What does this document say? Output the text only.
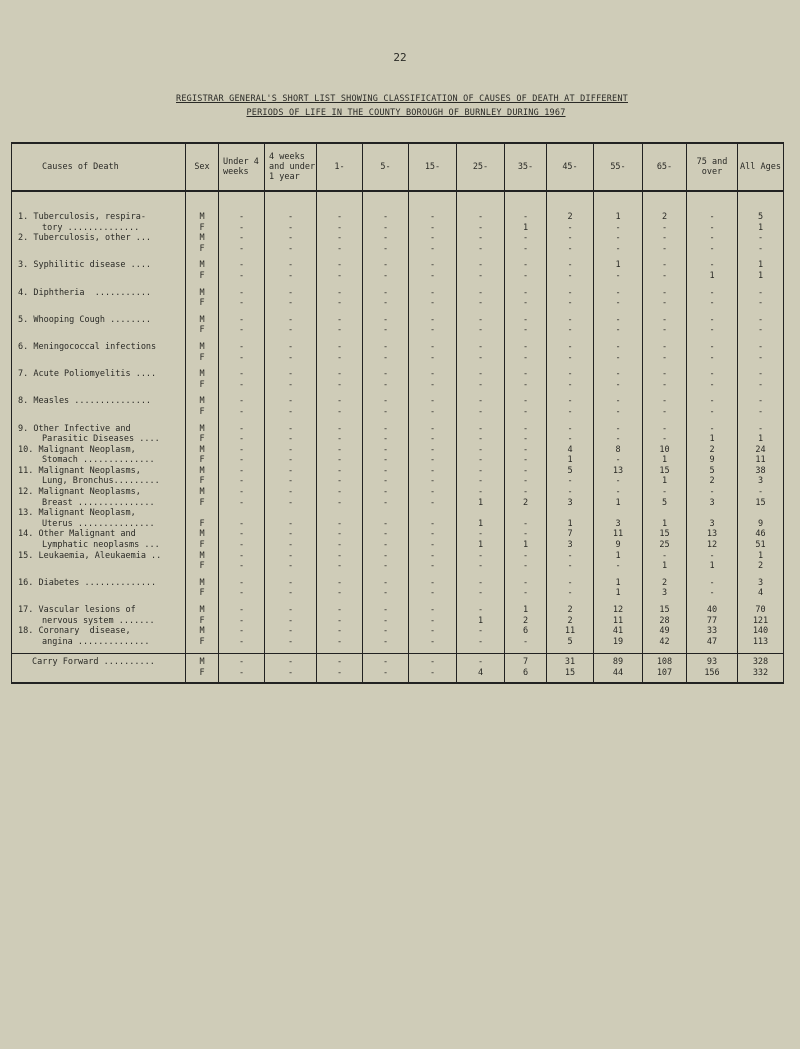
22
REGISTRAR GENERAL'S SHORT LIST SHOWING CLASSIFICATION OF CAUSES OF DEATH AT DIFFERENT
PERIODS OF LIFE IN THE COUNTY BOROUGH OF BURNLEY DURING 1967
Causes of Death	Sex	Under 4 weeks	4 weeks and under 1 year	1-	5-	15-	25-	35-	45-	55-	65-	75 and over	All Ages

1. Tuberculosis, respira-	M	-	-	-	-	-	-	-	2	1	2	-	5
tory ..............	F	-	-	-	-	-	-	1	-	-	-	-	1
2. Tuberculosis, other ...	M	-	-	-	-	-	-	-	-	-	-	-	-
	F	-	-	-	-	-	-	-	-	-	-	-	-

3. Syphilitic disease ....	M	-	-	-	-	-	-	-	-	1	-	-	1
	F	-	-	-	-	-	-	-	-	-	-	1	1

4. Diphtheria  ...........	M	-	-	-	-	-	-	-	-	-	-	-	-
	F	-	-	-	-	-	-	-	-	-	-	-	-

5. Whooping Cough ........	M	-	-	-	-	-	-	-	-	-	-	-	-
	F	-	-	-	-	-	-	-	-	-	-	-	-

6. Meningococcal infections	M	-	-	-	-	-	-	-	-	-	-	-	-
	F	-	-	-	-	-	-	-	-	-	-	-	-

7. Acute Poliomyelitis ....	M	-	-	-	-	-	-	-	-	-	-	-	-
	F	-	-	-	-	-	-	-	-	-	-	-	-

8. Measles ...............	M	-	-	-	-	-	-	-	-	-	-	-	-
	F	-	-	-	-	-	-	-	-	-	-	-	-

9. Other Infective and	M	-	-	-	-	-	-	-	-	-	-	-	-
Parasitic Diseases ....	F	-	-	-	-	-	-	-	-	-	-	1	1
10. Malignant Neoplasm,	M	-	-	-	-	-	-	-	4	8	10	2	24
Stomach ..............	F	-	-	-	-	-	-	-	1	-	1	9	11
11. Malignant Neoplasms,	M	-	-	-	-	-	-	-	5	13	15	5	38
Lung, Bronchus.........	F	-	-	-	-	-	-	-	-	-	1	2	3
12. Malignant Neoplasms,	M	-	-	-	-	-	-	-	-	-	-	-	-
Breast ...............	F	-	-	-	-	-	1	2	3	1	5	3	15
13. Malignant Neoplasm,													
Uterus ...............	F	-	-	-	-	-	1	-	1	3	1	3	9
14. Other Malignant and	M	-	-	-	-	-	-	-	7	11	15	13	46
Lymphatic neoplasms ...	F	-	-	-	-	-	1	1	3	9	25	12	51
15. Leukaemia, Aleukaemia ..	M	-	-	-	-	-	-	-	-	1	-	-	1
	F	-	-	-	-	-	-	-	-	-	1	1	2

16. Diabetes ..............	M	-	-	-	-	-	-	-	-	1	2	-	3
	F	-	-	-	-	-	-	-	-	1	3	-	4

17. Vascular lesions of	M	-	-	-	-	-	-	1	2	12	15	40	70
nervous system .......	F	-	-	-	-	-	1	2	2	11	28	77	121
18. Coronary  disease,	M	-	-	-	-	-	-	6	11	41	49	33	140
angina ..............	F	-	-	-	-	-	-	-	5	19	42	47	113

Carry Forward ..........	M	-	-	-	-	-	-	7	31	89	108	93	328
	F	-	-	-	-	-	4	6	15	44	107	156	332
